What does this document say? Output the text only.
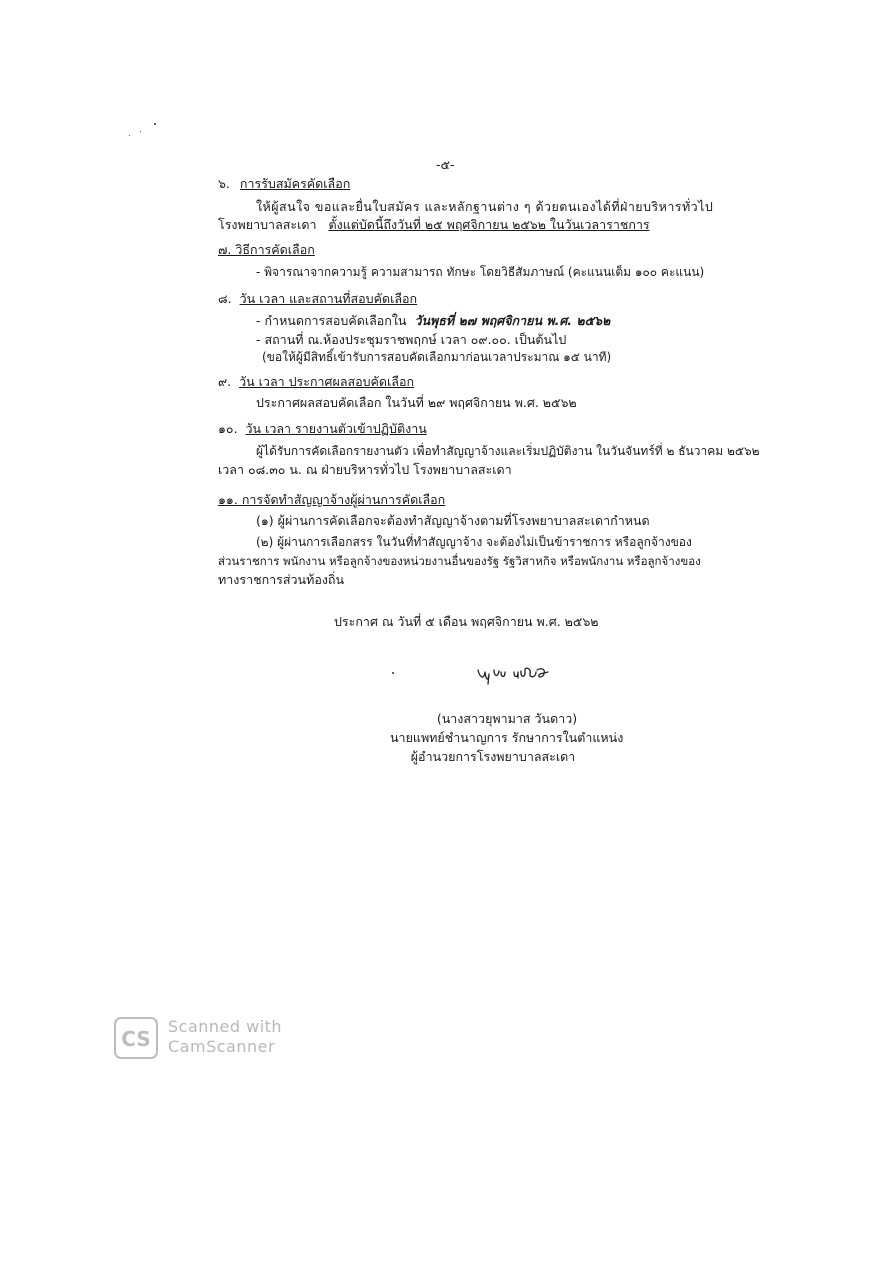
-๕-
๖. การรับสมัครคัดเลือก
ให้ผู้สนใจ ขอและยื่นใบสมัคร และหลักฐานต่าง ๆ ด้วยตนเองได้ที่ฝ่ายบริหารทั่วไป
โรงพยาบาลสะเดา ตั้งแต่บัดนี้ถึงวันที่ ๒๕ พฤศจิกายน ๒๕๖๒ ในวันเวลาราชการ
๗. วิธีการคัดเลือก
- พิจารณาจากความรู้ ความสามารถ ทักษะ โดยวิธีสัมภาษณ์ (คะแนนเต็ม ๑๐๐ คะแนน)
๘. วัน เวลา และสถานที่สอบคัดเลือก
- กำหนดการสอบคัดเลือกใน วันพุธที่ ๒๗ พฤศจิกายน พ.ศ. ๒๕๖๒
- สถานที่ ณ.ห้องประชุมราชพฤกษ์ เวลา ๐๙.๐๐. เป็นต้นไป
(ขอให้ผู้มีสิทธิ์เข้ารับการสอบคัดเลือกมาก่อนเวลาประมาณ ๑๕ นาที)
๙. วัน เวลา ประกาศผลสอบคัดเลือก
ประกาศผลสอบคัดเลือก ในวันที่ ๒๙ พฤศจิกายน พ.ศ. ๒๕๖๒
๑๐. วัน เวลา รายงานตัวเข้าปฏิบัติงาน
ผู้ได้รับการคัดเลือกรายงานตัว เพื่อทำสัญญาจ้างและเริ่มปฏิบัติงาน ในวันจันทร์ที่ ๒ ธันวาคม ๒๕๖๒
เวลา ๐๘.๓๐ น. ณ ฝ่ายบริหารทั่วไป โรงพยาบาลสะเดา
๑๑. การจัดทำสัญญาจ้างผู้ผ่านการคัดเลือก
(๑) ผู้ผ่านการคัดเลือกจะต้องทำสัญญาจ้างตามที่โรงพยาบาลสะเดากำหนด
(๒) ผู้ผ่านการเลือกสรร ในวันที่ทำสัญญาจ้าง จะต้องไม่เป็นข้าราชการ หรือลูกจ้างของ
ส่วนราชการ พนักงาน หรือลูกจ้างของหน่วยงานอื่นของรัฐ รัฐวิสาหกิจ หรือพนักงาน หรือลูกจ้างของ
ทางราชการส่วนท้องถิ่น
ประกาศ ณ วันที่ ๕ เดือน พฤศจิกายน พ.ศ. ๒๕๖๒
(นางสาวยุพามาส วันดาว)
นายแพทย์ชำนาญการ รักษาการในตำแหน่ง
ผู้อำนวยการโรงพยาบาลสะเดา
CS
Scanned with
CamScanner
